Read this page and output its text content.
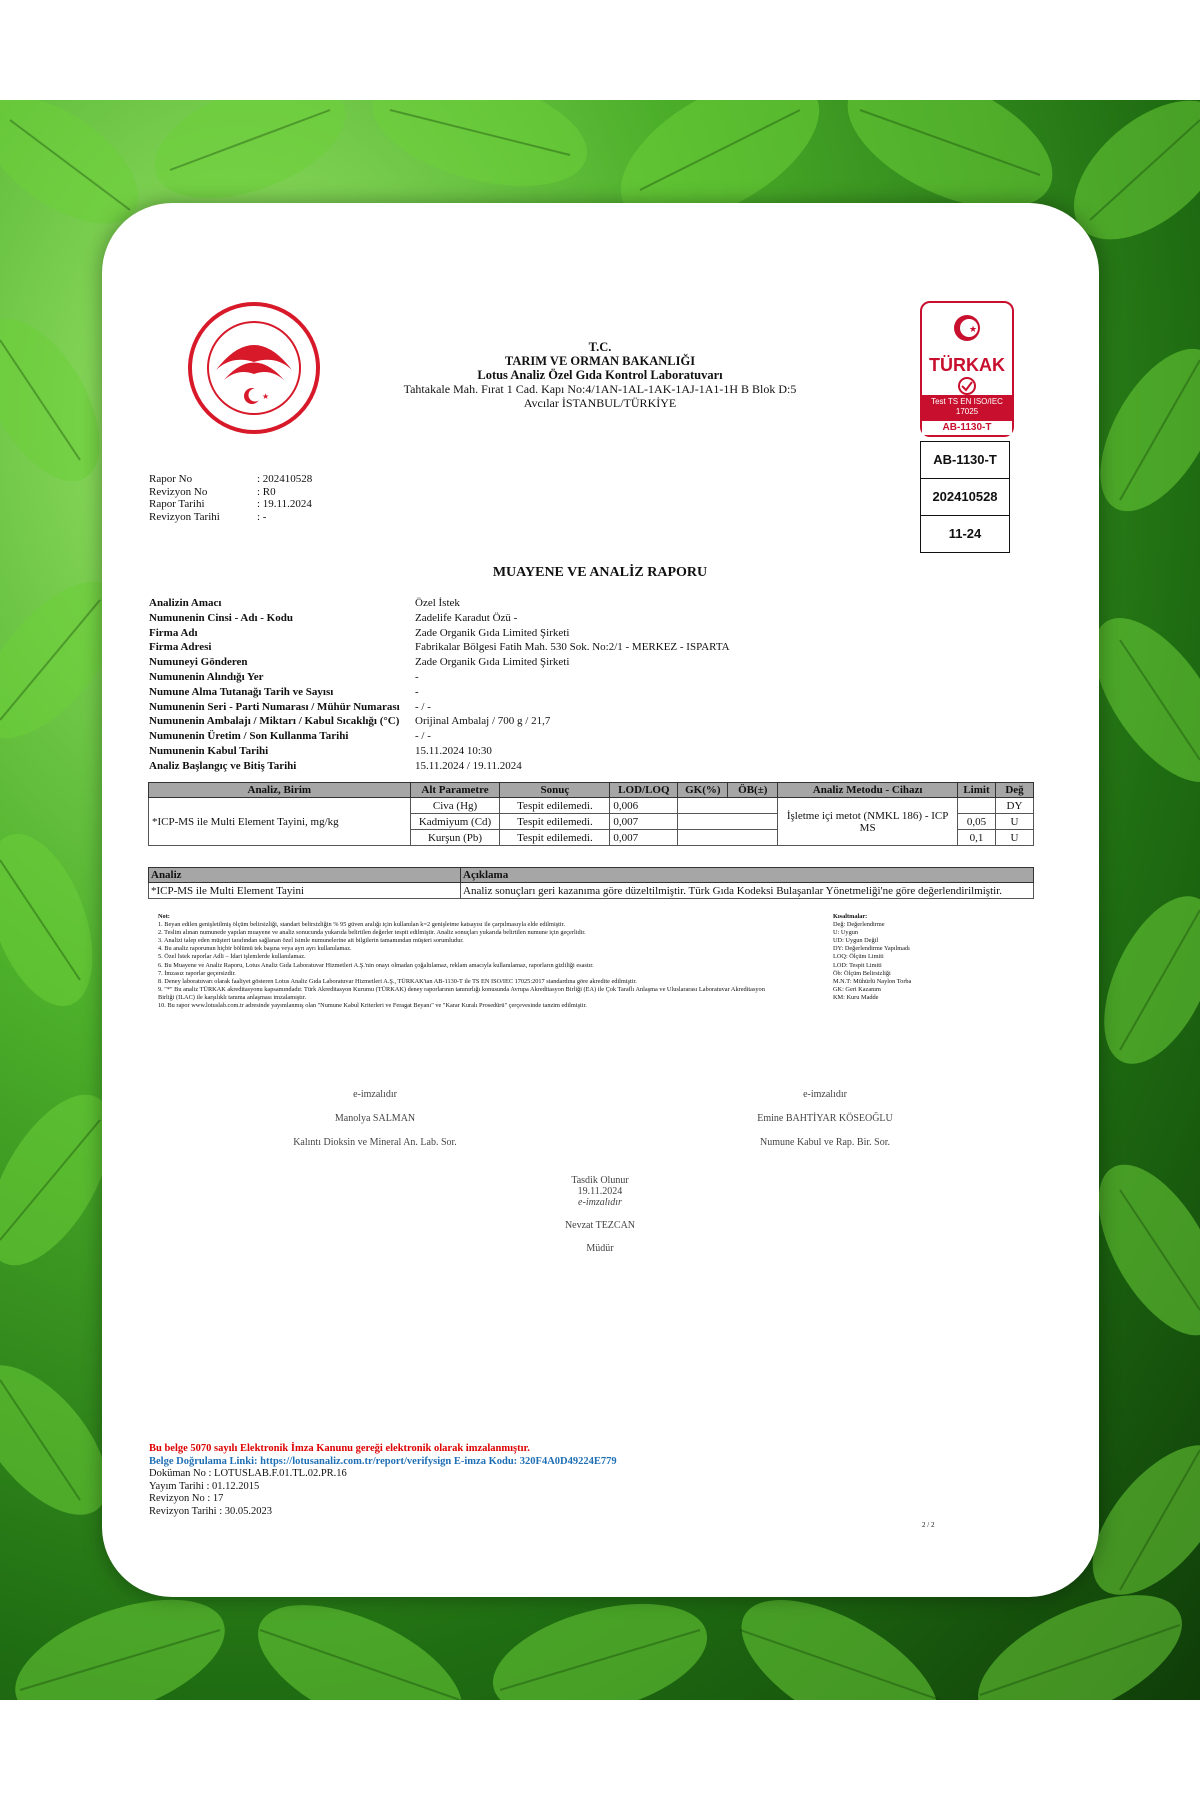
★
T.C.
TARIM VE ORMAN BAKANLIĞI
Lotus Analiz Özel Gıda Kontrol Laboratuvarı
Tahtakale Mah. Fırat 1 Cad. Kapı No:4/1AN-1AL-1AK-1AJ-1A1-1H B Blok D:5
Avcılar İSTANBUL/TÜRKİYE
★
TÜRKAK
Test TS EN ISO/IEC 17025
AB-1130-T
AB-1130-T
202410528
11-24
Rapor No	: 202410528
Revizyon No	: R0
Rapor Tarihi	: 19.11.2024
Revizyon Tarihi	: -
MUAYENE VE ANALİZ RAPORU
Analizin Amacı	Özel İstek
Numunenin Cinsi - Adı - Kodu	Zadelife Karadut Özü -
Firma Adı	Zade Organik Gıda Limited Şirketi
Firma Adresi	Fabrikalar Bölgesi Fatih Mah. 530 Sok. No:2/1 - MERKEZ - ISPARTA
Numuneyi Gönderen	Zade Organik Gıda Limited Şirketi
Numunenin Alındığı Yer	-
Numune Alma Tutanağı Tarih ve Sayısı	-
Numunenin Seri - Parti Numarası / Mühür Numarası	- / -
Numunenin Ambalajı / Miktarı / Kabul Sıcaklığı (°C)	Orijinal Ambalaj / 700 g / 21,7
Numunenin Üretim / Son Kullanma Tarihi	- / -
Numunenin Kabul Tarihi	15.11.2024 10:30
Analiz Başlangıç ve Bitiş Tarihi	15.11.2024 / 19.11.2024
Analiz, Birim	Alt Parametre	Sonuç	LOD/LOQ	GK(%)	ÖB(±)	Analiz Metodu - Cihazı	Limit	Değ
*ICP-MS ile Multi Element Tayini, mg/kg	Civa (Hg)	Tespit edilemedi.	0,006			İşletme içi metot (NMKL 186) - ICP MS		DY
	Kadmiyum (Cd)	Tespit edilemedi.	0,007				0,05	U
	Kurşun (Pb)	Tespit edilemedi.	0,007				0,1	U
Analiz	Açıklama
*ICP-MS ile Multi Element Tayini	Analiz sonuçları geri kazanıma göre düzeltilmiştir. Türk Gıda Kodeksi Bulaşanlar Yönetmeliği'ne göre değerlendirilmiştir.
Not:
1. Beyan edilen genişletilmiş ölçüm belirsizliği, standart belirsizliğin % 95 güven aralığı için kullanılan k=2 genişletme katsayısı ile çarpılmasıyla elde edilmiştir.
2. Teslim alınan numunede yapılan muayene ve analiz sonucunda yukarıda belirtilen değerler tespit edilmiştir. Analiz sonuçları yukarıda belirtilen numune için geçerlidir.
3. Analizi talep eden müşteri tarafından sağlanan özel isimle numunelerine ait bilgilerin tamamından müşteri sorumludur.
4. Bu analiz raporunun hiçbir bölümü tek başına veya ayrı ayrı kullanılamaz.
5. Özel İstek raporlar Adli – İdari işlemlerde kullanılamaz.
6. Bu Muayene ve Analiz Raporu, Lotus Analiz Gıda Laboratuvar Hizmetleri A.Ş.'nin onayı olmadan çoğaltılamaz, reklam amacıyla kullanılamaz, raporların gizliliği esastır.
7. İmzasız raporlar geçersizdir.
8. Deney laboratuvarı olarak faaliyet gösteren Lotus Analiz Gıda Laboratuvar Hizmetleri A.Ş., TÜRKAK'tan AB-1130-T ile TS EN ISO/IEC 17025:2017 standardına göre akredite edilmiştir.
9. "*" Bu analiz TÜRKAK akreditasyonu kapsamındadır. Türk Akreditasyon Kurumu (TÜRKAK) deney raporlarının tanınırlığı konusunda Avrupa Akreditasyon Birliği (EA) ile Çok Taraflı Anlaşma ve Uluslararası Laboratuvar Akreditasyon Birliği (ILAC) ile karşılıklı tanıma anlaşması imzalamıştır.
10. Bu rapor www.lotuslab.com.tr adresinde yayımlanmış olan "Numune Kabul Kriterleri ve Feragat Beyanı" ve "Karar Kuralı Prosedürü" çerçevesinde tanzim edilmiştir.
Kısaltmalar:
Değ: Değerlendirme
U: Uygun
UD: Uygun Değil
DY: Değerlendirme Yapılmadı
LOQ: Ölçüm Limiti
LOD: Tespit Limiti
Öb: Ölçüm Belirsizliği
M.N.T: Mühürlü Naylon Torba
GK: Geri Kazanım
KM: Kuru Madde
e-imzalıdır
Manolya SALMAN
Kalıntı Dioksin ve Mineral An. Lab. Sor.
e-imzalıdır
Emine BAHTİYAR KÖSEOĞLU
Numune Kabul ve Rap. Bir. Sor.
Tasdik Olunur
19.11.2024
e-imzalıdır
Nevzat TEZCAN
Müdür
Bu belge 5070 sayılı Elektronik İmza Kanunu gereği elektronik olarak imzalanmıştır.
Belge Doğrulama Linki: https://lotusanaliz.com.tr/report/verifysign E-imza Kodu: 320F4A0D49224E779
Doküman No : LOTUSLAB.F.01.TL.02.PR.16
Yayım Tarihi : 01.12.2015
Revizyon No : 17
Revizyon Tarihi : 30.05.2023
2 / 2
